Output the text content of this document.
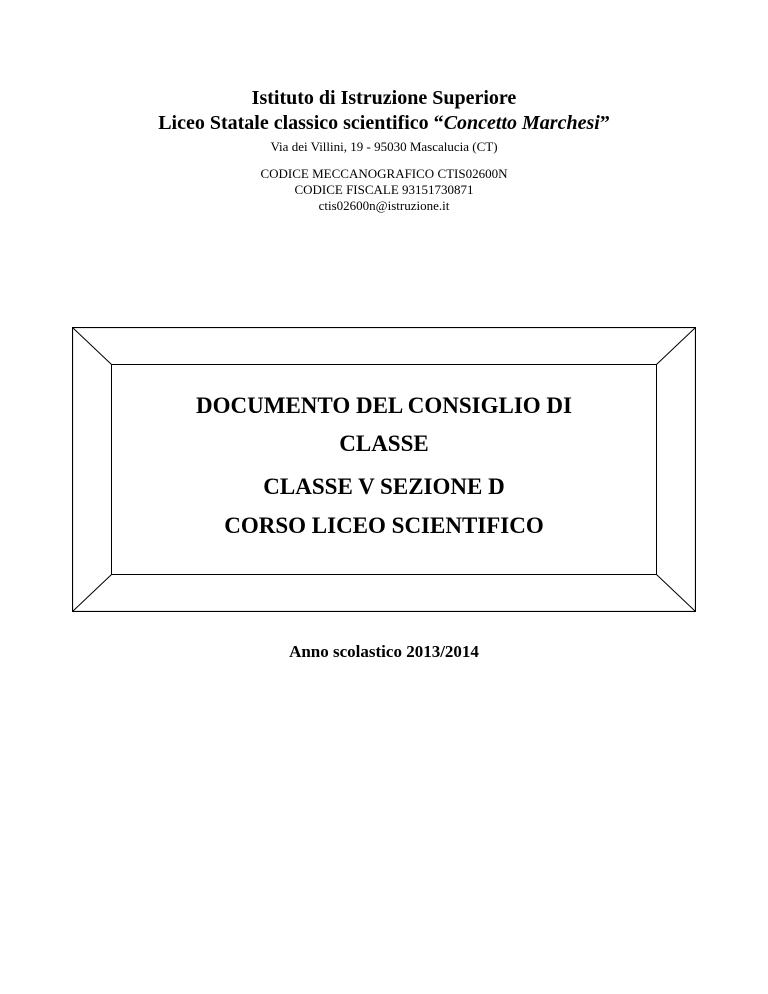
Istituto di Istruzione Superiore
Liceo Statale classico scientifico “Concetto Marchesi”
Via dei Villini, 19 - 95030 Mascalucia (CT)
CODICE MECCANOGRAFICO CTIS02600N
CODICE FISCALE 93151730871
ctis02600n@istruzione.it
DOCUMENTO DEL CONSIGLIO DI
CLASSE
CLASSE V SEZIONE D
CORSO LICEO SCIENTIFICO
Anno scolastico 2013/2014
